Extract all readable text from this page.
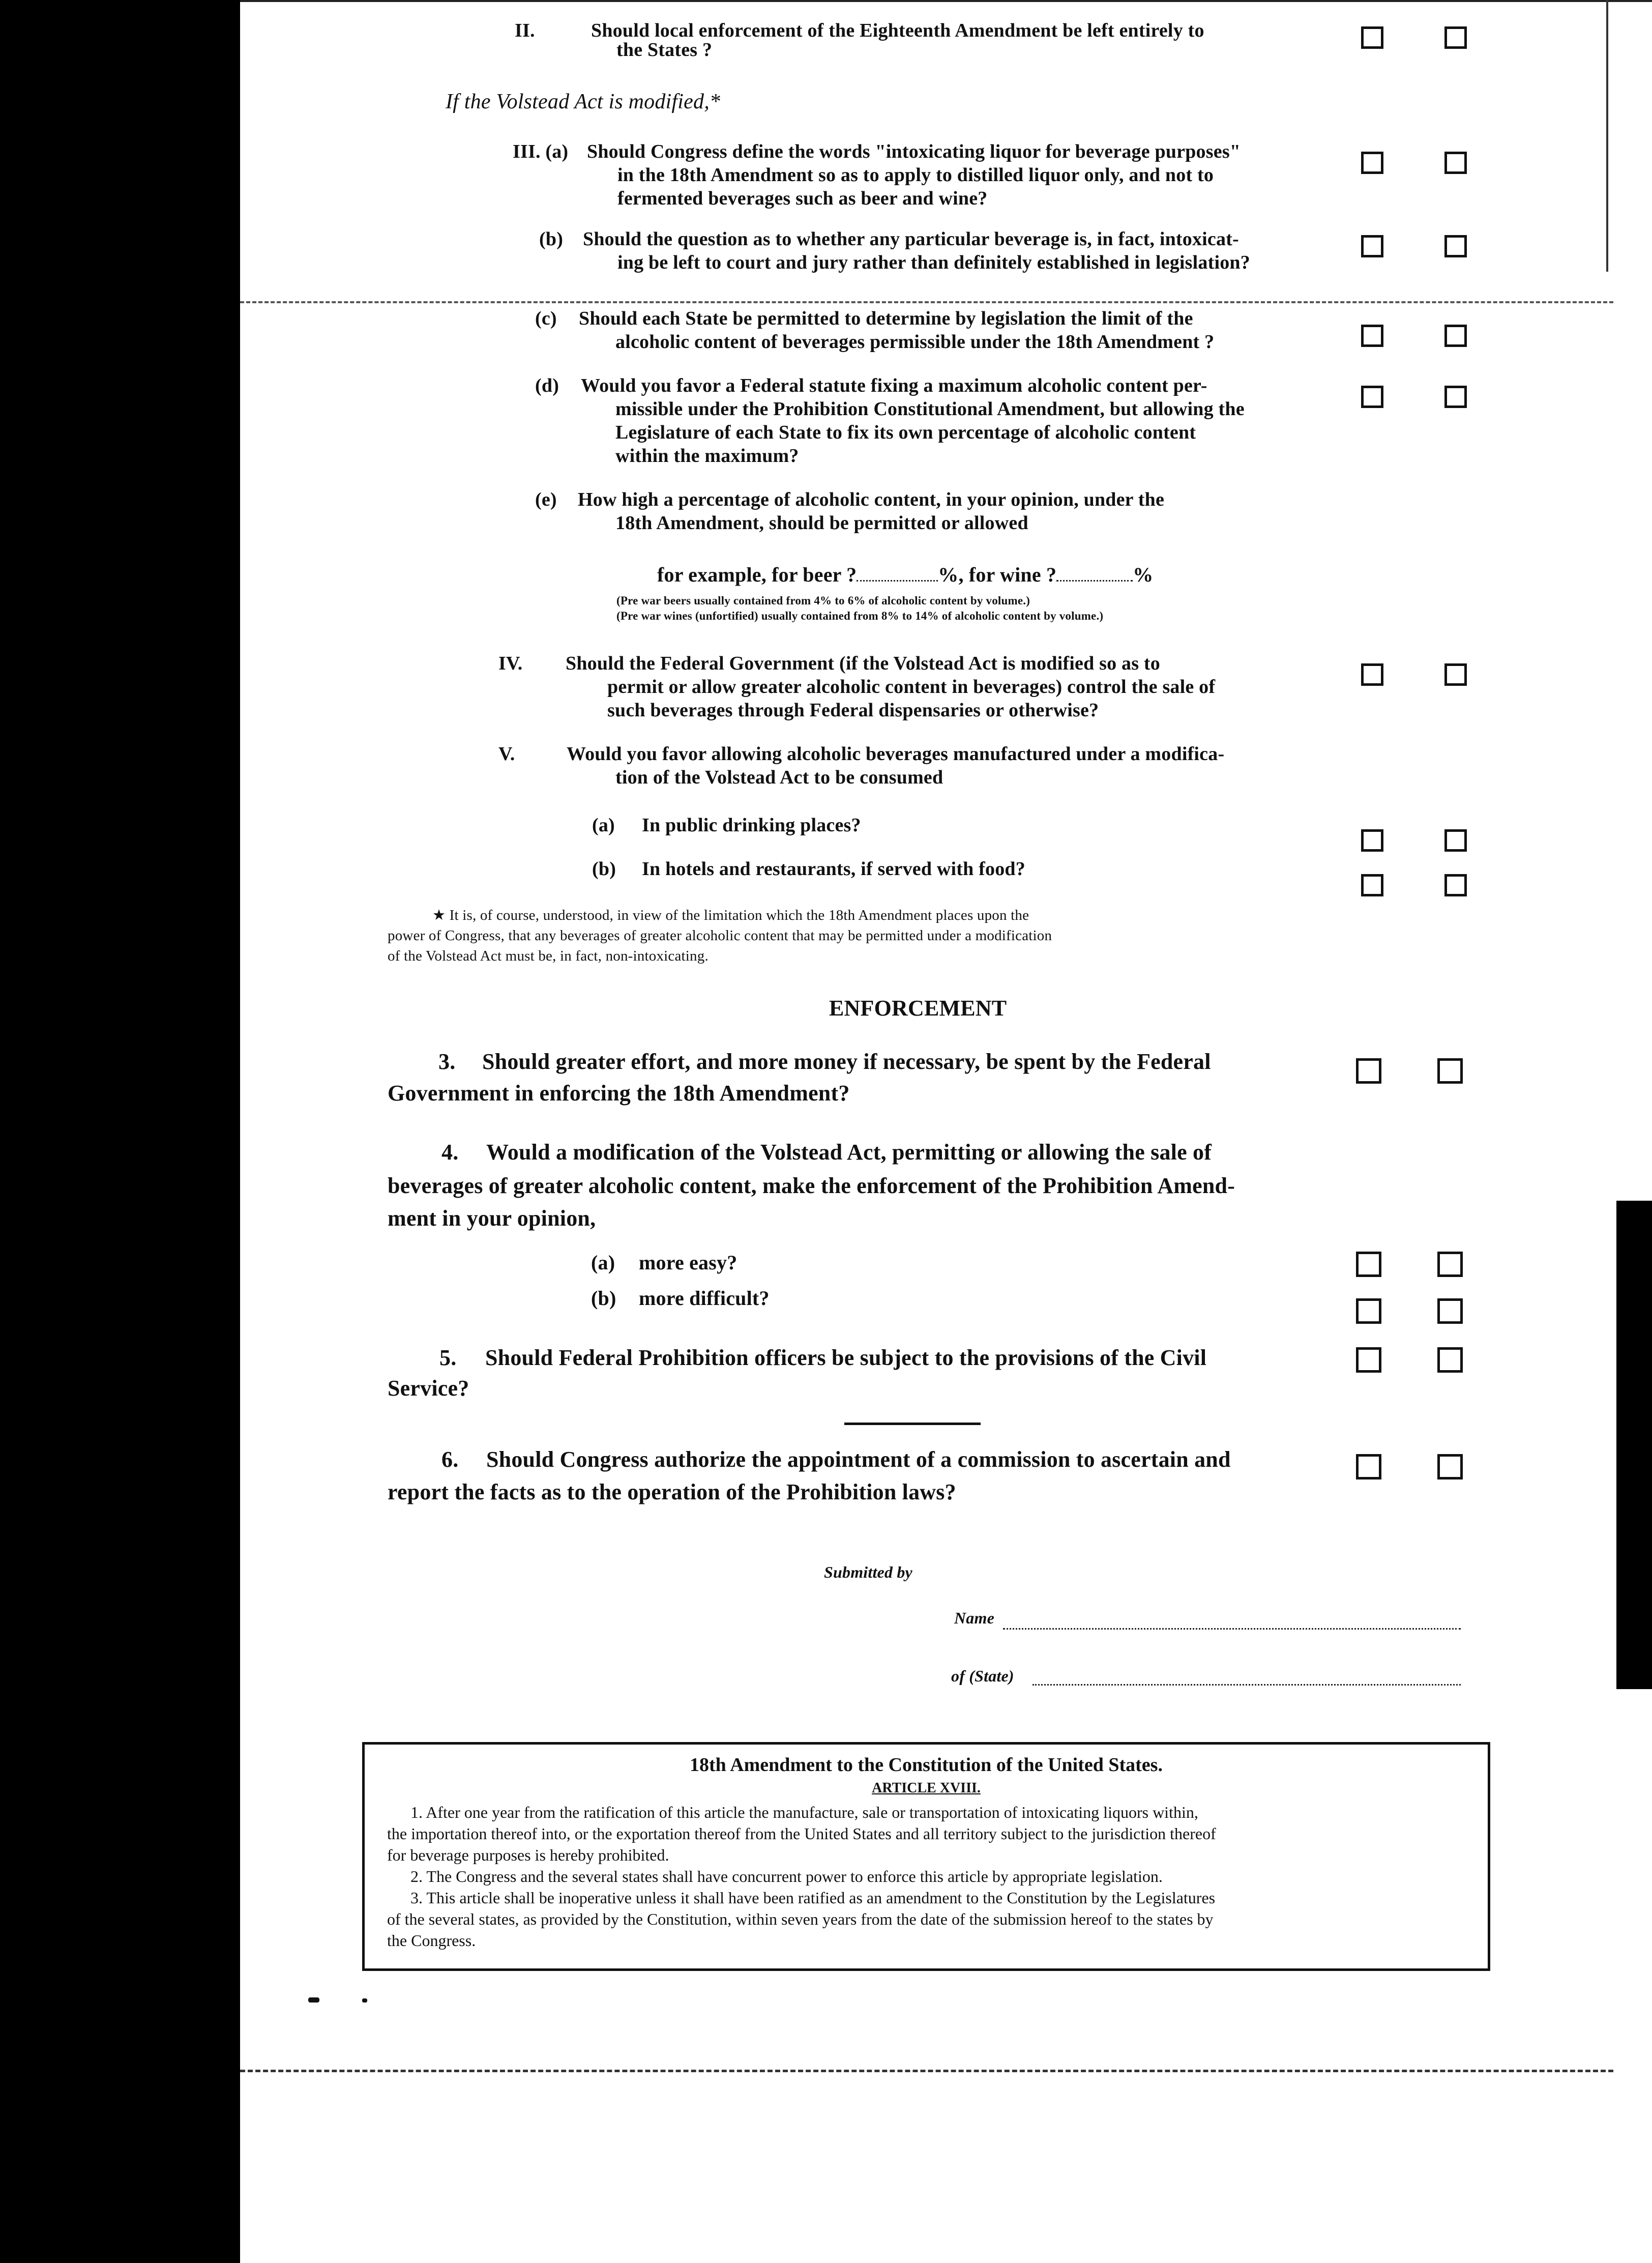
II.	Should local enforcement of the Eighteenth Amendment be left entirely to
the States ?
If the Volstead Act is modified,*
III. (a) Should Congress define the words "intoxicating liquor for beverage purposes"
in the 18th Amendment so as to apply to distilled liquor only, and not to
fermented beverages such as beer and wine?
(b) Should the question as to whether any particular beverage is, in fact, intoxicat-
ing be left to court and jury rather than definitely established in legislation?
(c) Should each State be permitted to determine by legislation the limit of the
alcoholic content of beverages permissible under the 18th Amendment ?
(d) Would you favor a Federal statute fixing a maximum alcoholic content per-
missible under the Prohibition Constitutional Amendment, but allowing the
Legislature of each State to fix its own percentage of alcoholic content
within the maximum?
(e) How high a percentage of alcoholic content, in your opinion, under the
18th Amendment, should be permitted or allowed
for example, for beer ?	%, for wine ?	%
(Pre war beers usually contained from 4% to 6% of alcoholic content by volume.)
(Pre war wines (unfortified) usually contained from 8% to 14% of alcoholic content by volume.)
IV. Should the Federal Government (if the Volstead Act is modified so as to
permit or allow greater alcoholic content in beverages) control the sale of
such beverages through Federal dispensaries or otherwise?
V.	Would you favor allowing alcoholic beverages manufactured under a modifica-
tion of the Volstead Act to be consumed
(a) In public drinking places?
(b) In hotels and restaurants, if served with food?
★ It is, of course, understood, in view of the limitation which the 18th Amendment places upon the
power of Congress, that any beverages of greater alcoholic content that may be permitted under a modification
of the Volstead Act must be, in fact, non-intoxicating.
ENFORCEMENT
3. Should greater effort, and more money if necessary, be spent by the Federal
Government in enforcing the 18th Amendment?
4. Would a modification of the Volstead Act, permitting or allowing the sale of
beverages of greater alcoholic content, make the enforcement of the Prohibition Amend-
ment in your opinion,
(a) more easy?
(b) more difficult?
5. Should Federal Prohibition officers be subject to the provisions of the Civil
Service?
6. Should Congress authorize the appointment of a commission to ascertain and
report the facts as to the operation of the Prohibition laws?
Submitted by
Name
of (State)
18th Amendment to the Constitution of the United States.
ARTICLE XVIII.
1. After one year from the ratification of this article the manufacture, sale or transportation of intoxicating liquors within,
the importation thereof into, or the exportation thereof from the United States and all territory subject to the jurisdiction thereof
for beverage purposes is hereby prohibited.
2. The Congress and the several states shall have concurrent power to enforce this article by appropriate legislation.
3. This article shall be inoperative unless it shall have been ratified as an amendment to the Constitution by the Legislatures
of the several states, as provided by the Constitution, within seven years from the date of the submission hereof to the states by
the Congress.
